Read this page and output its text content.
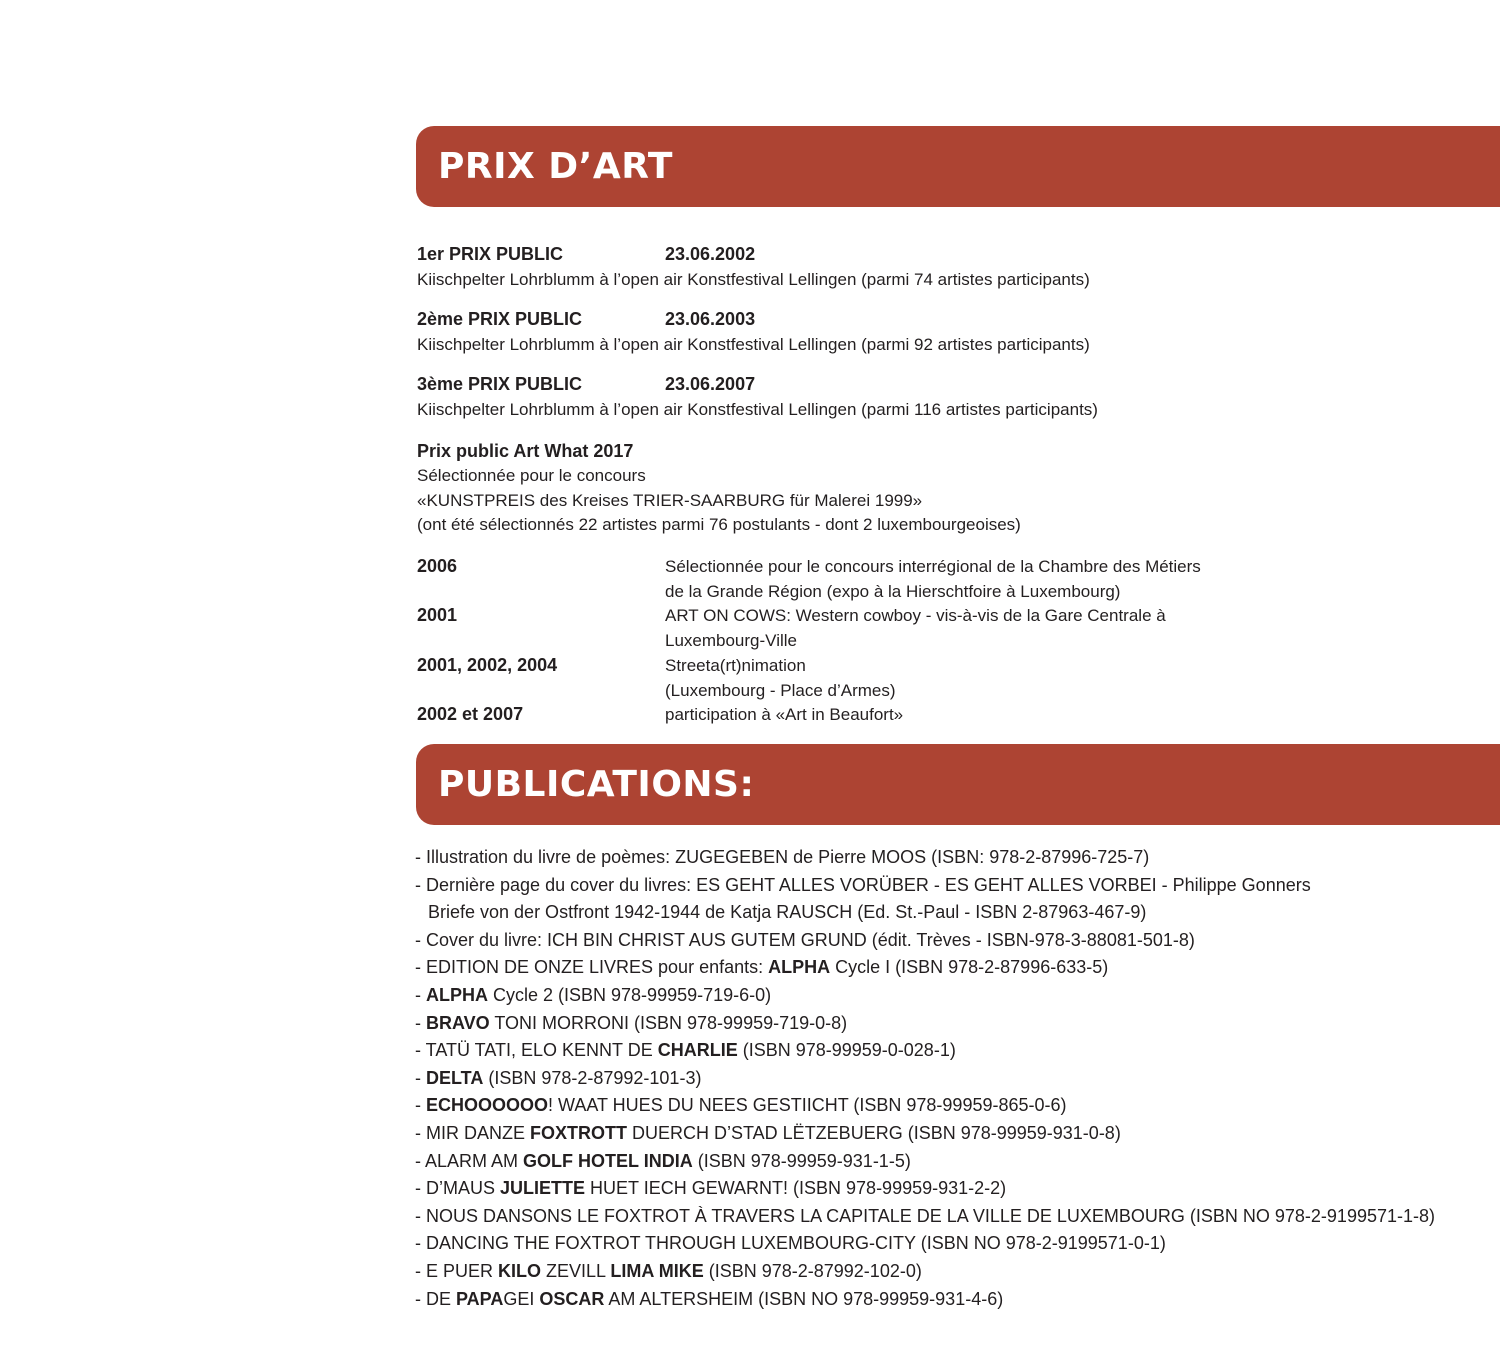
PRIX D’ART
1er PRIX PUBLIC	23.06.2002
Kiischpelter Lohrblumm à l’open air Konstfestival Lellingen (parmi 74 artistes participants)
2ème PRIX PUBLIC	23.06.2003
Kiischpelter Lohrblumm à l’open air Konstfestival Lellingen (parmi 92 artistes participants)
3ème PRIX PUBLIC	23.06.2007
Kiischpelter Lohrblumm à l’open air Konstfestival Lellingen (parmi 116 artistes participants)
Prix public Art What 2017
Sélectionnée pour le concours
«KUNSTPREIS des Kreises TRIER-SAARBURG für Malerei 1999»
(ont été sélectionnés 22 artistes parmi 76 postulants - dont 2 luxembourgeoises)
2006	Sélectionnée pour le concours interrégional de la Chambre des Métiers
de la Grande Région (expo à la Hierschtfoire à Luxembourg)
2001	ART ON COWS: Western cowboy - vis-à-vis de la Gare Centrale à
Luxembourg-Ville
2001, 2002, 2004	Streeta(rt)nimation
(Luxembourg - Place d’Armes)
2002 et 2007	participation à «Art in Beaufort»
PUBLICATIONS:
- Illustration du livre de poèmes: ZUGEGEBEN de Pierre MOOS (ISBN: 978-2-87996-725-7)
- Dernière page du cover du livres: ES GEHT ALLES VORÜBER - ES GEHT ALLES VORBEI - Philippe Gonners
Briefe von der Ostfront 1942-1944 de Katja RAUSCH (Ed. St.-Paul - ISBN 2-87963-467-9)
- Cover du livre: ICH BIN CHRIST AUS GUTEM GRUND (édit. Trèves - ISBN-978-3-88081-501-8)
- EDITION DE ONZE LIVRES pour enfants: ALPHA Cycle I (ISBN 978-2-87996-633-5)
- ALPHA Cycle 2 (ISBN 978-99959-719-6-0)
- BRAVO TONI MORRONI (ISBN 978-99959-719-0-8)
- TATÜ TATI, ELO KENNT DE CHARLIE (ISBN 978-99959-0-028-1)
- DELTA (ISBN 978-2-87992-101-3)
- ECHOOOOOO! WAAT HUES DU NEES GESTIICHT (ISBN 978-99959-865-0-6)
- MIR DANZE FOXTROTT DUERCH D’STAD LËTZEBUERG (ISBN 978-99959-931-0-8)
- ALARM AM GOLF HOTEL INDIA (ISBN 978-99959-931-1-5)
- D’MAUS JULIETTE HUET IECH GEWARNT! (ISBN 978-99959-931-2-2)
- NOUS DANSONS LE FOXTROT À TRAVERS LA CAPITALE DE LA VILLE DE LUXEMBOURG (ISBN NO 978-2-9199571-1-8)
- DANCING THE FOXTROT THROUGH LUXEMBOURG-CITY (ISBN NO 978-2-9199571-0-1)
- E PUER KILO ZEVILL LIMA MIKE (ISBN 978-2-87992-102-0)
- DE PAPAGEI OSCAR AM ALTERSHEIM (ISBN NO 978-99959-931-4-6)
